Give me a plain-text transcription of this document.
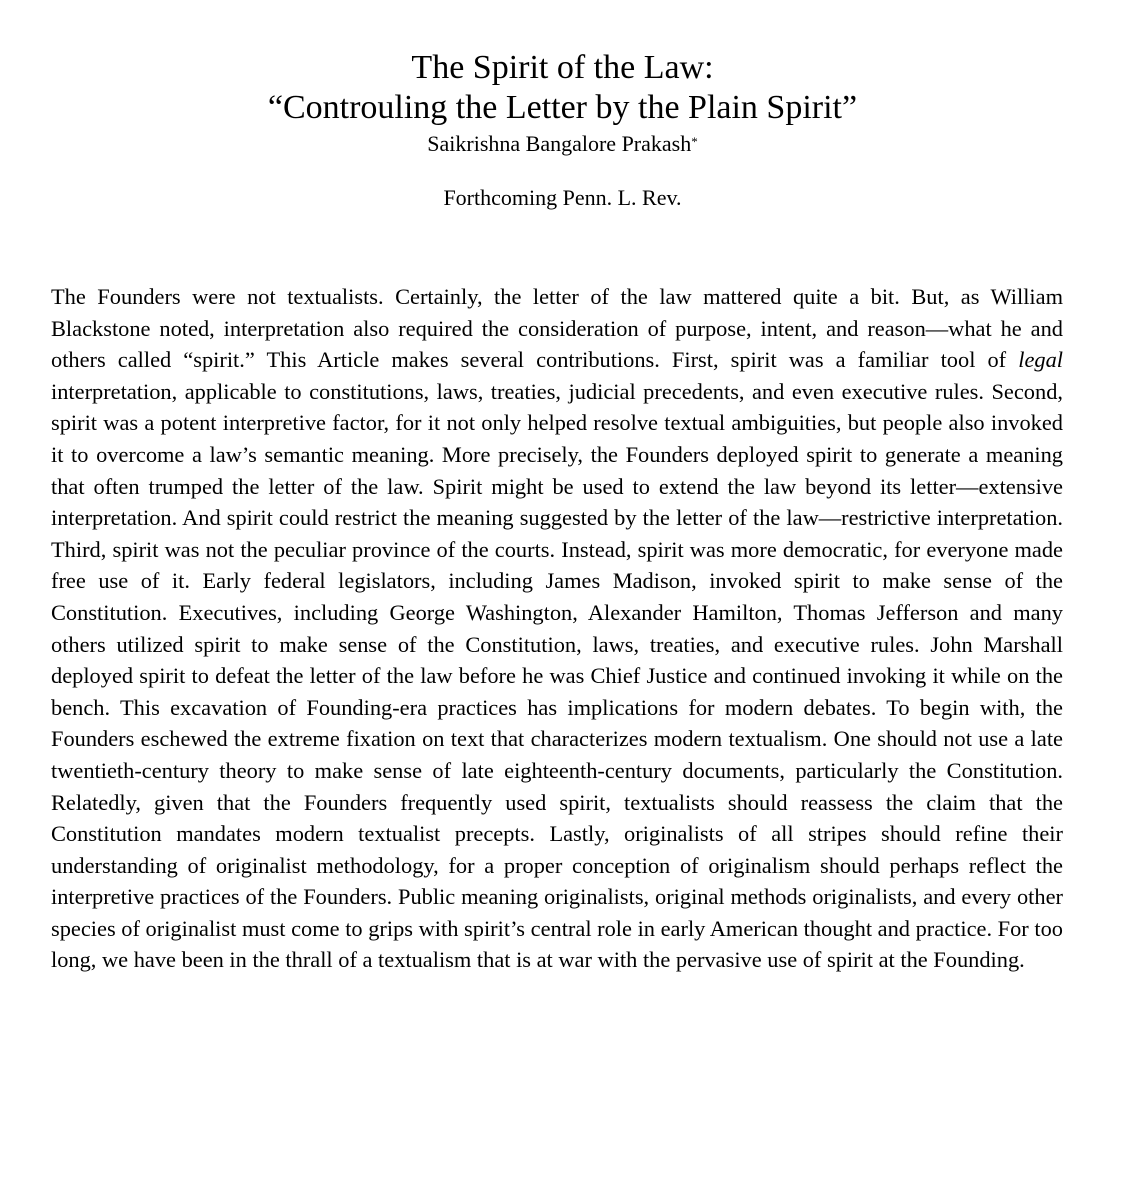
The Spirit of the Law:
“Controuling the Letter by the Plain Spirit”
Saikrishna Bangalore Prakash*
Forthcoming Penn. L. Rev.

The Founders were not textualists. Certainly, the letter of the law mattered quite a bit. But, as William Blackstone noted, interpretation also required the consideration of purpose, intent, and reason—what he and others called “spirit.” This Article makes several contributions. First, spirit was a familiar tool of legal interpretation, applicable to constitutions, laws, treaties, judicial precedents, and even executive rules. Second, spirit was a potent interpretive factor, for it not only helped resolve textual ambiguities, but people also invoked it to overcome a law’s semantic meaning. More precisely, the Founders deployed spirit to generate a meaning that often trumped the letter of the law. Spirit might be used to extend the law beyond its letter—extensive interpretation. And spirit could restrict the meaning suggested by the letter of the law—restrictive interpretation. Third, spirit was not the peculiar province of the courts. Instead, spirit was more democratic, for everyone made free use of it. Early federal legislators, including James Madison, invoked spirit to make sense of the Constitution. Executives, including George Washington, Alexander Hamilton, Thomas Jefferson and many others utilized spirit to make sense of the Constitution, laws, treaties, and executive rules. John Marshall deployed spirit to defeat the letter of the law before he was Chief Justice and continued invoking it while on the bench. This excavation of Founding-era practices has implications for modern debates. To begin with, the Founders eschewed the extreme fixation on text that characterizes modern textualism. One should not use a late twentieth-century theory to make sense of late eighteenth-century documents, particularly the Constitution. Relatedly, given that the Founders frequently used spirit, textualists should reassess the claim that the Constitution mandates modern textualist precepts. Lastly, originalists of all stripes should refine their understanding of originalist methodology, for a proper conception of originalism should perhaps reflect the interpretive practices of the Founders. Public meaning originalists, original methods originalists, and every other species of originalist must come to grips with spirit’s central role in early American thought and practice. For too long, we have been in the thrall of a textualism that is at war with the pervasive use of spirit at the Founding.
